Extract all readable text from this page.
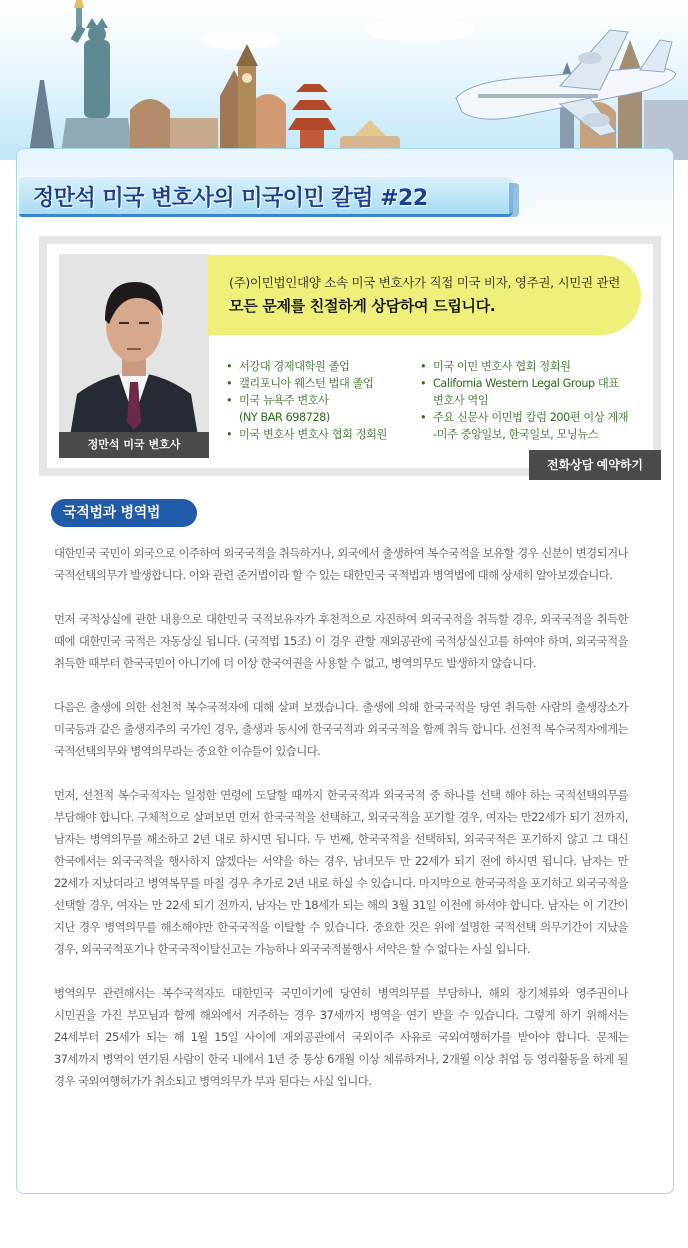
정만석 미국 변호사의 미국이민 칼럼 #22
정만석 미국 변호사
(주)이민법인대양 소속 미국 변호사가 직접 미국 비자, 영주권, 시민권 관련
모든 문제를 친절하게 상담하여 드립니다.
• 서강대 경제대학원 졸업
• 캘리포니아 웨스턴 법대 졸업
• 미국 뉴욕주 변호사
(NY BAR 698728)
• 미국 변호사 변호사 협회 정회원
• 미국 이민 변호사 협회 정회원
• California Western Legal Group 대표
변호사 역임
• 주요 신문사 이민법 칼럼 200편 이상 게재
-미주 중앙일보, 한국일보, 모닝뉴스
전화상담 예약하기
국적법과 병역법

대한민국 국민이 외국으로 이주하여 외국국적을 취득하거나, 외국에서 출생하여 복수국적을 보유할 경우 신분이 변경되거나 국적선택의무가 발생합니다. 이와 관련 준거법이라 할 수 있는 대한민국 국적법과 병역법에 대해 상세히 알아보겠습니다.

먼저 국적상실에 관한 내용으로 대한민국 국적보유자가 후천적으로 자진하여 외국국적을 취득할 경우, 외국국적을 취득한 때에 대한민국 국적은 자동상실 됩니다. (국적법 15조) 이 경우 관할 재외공관에 국적상실신고를 하여야 하며, 외국국적을 취득한 때부터 한국국민이 아니기에 더 이상 한국여권을 사용할 수 없고, 병역의무도 발생하지 않습니다.

다음은 출생에 의한 선천적 복수국적자에 대해 살펴 보겠습니다. 출생에 의해 한국국적을 당연 취득한 사람의 출생장소가 미국등과 같은 출생지주의 국가인 경우, 출생과 동시에 한국국적과 외국국적을 함께 취득 합니다. 선천적 복수국적자에게는 국적선택의무와 병역의무라는 중요한 이슈들이 있습니다.

먼저, 선천적 복수국적자는 일정한 연령에 도달할 때까지 한국국적과 외국국적 중 하나를 선택 해야 하는 국적선택의무를 부담해야 합니다. 구체적으로 살펴보면 먼저 한국국적을 선택하고, 외국국적을 포기할 경우, 여자는 만22세가 되기 전까지, 남자는 병역의무를 해소하고 2년 내로 하시면 됩니다. 두 번째, 한국국적을 선택하되, 외국국적은 포기하지 않고 그 대신 한국에서는 외국국적을 행사하지 않겠다는 서약을 하는 경우, 남녀모두 만 22세가 되기 전에 하시면 됩니다. 남자는 만 22세가 지났더라고 병역복무를 마칠 경우 추가로 2년 내로 하실 수 있습니다. 마지막으로 한국국적을 포기하고 외국국적을 선택할 경우, 여자는 만 22세 되기 전까지, 남자는 만 18세가 되는 해의 3월 31일 이전에 하셔야 합니다. 남자는 이 기간이 지난 경우 병역의무를 해소해야만 한국국적을 이탈할 수 있습니다. 중요한 것은 위에 설명한 국적선택 의무기간이 지났을 경우, 외국국적포기나 한국국적이탈신고는 가능하나 외국국적불행사 서약은 할 수 없다는 사실 입니다.

병역의무 관련해서는 복수국적자도 대한민국 국민이기에 당연히 병역의무를 부담하나, 해외 장기체류와 영주권이나 시민권을 가진 부모님과 함께 해외에서 거주하는 경우 37세까지 병역을 연기 받을 수 있습니다. 그렇게 하기 위해서는 24세부터 25세가 되는 해 1월 15일 사이에 재외공관에서 국외이주 사유로 국외여행허가를 받아야 합니다. 문제는 37세까지 병역이 연기된 사람이 한국 내에서 1년 중 통상 6개월 이상 체류하거나, 2개월 이상 취업 등 영리활동을 하게 될 경우 국외여행허가가 취소되고 병역의무가 부과 된다는 사실 입니다.
